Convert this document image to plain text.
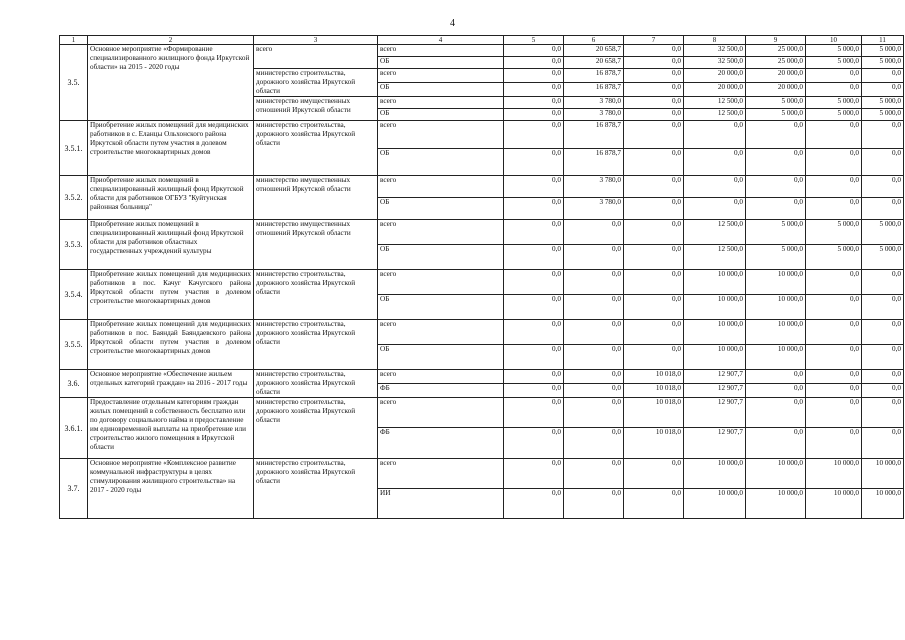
4
1	2	3	4	5	6	7	8	9	10	11
3.5.	Основное мероприятие «Формирование специализированного жилищного фонда Иркутской области» на 2015 - 2020 годы	всего	всего	0,0	20 658,7	0,0	32 500,0	25 000,0	5 000,0	5 000,0
			ОБ	0,0	20 658,7	0,0	32 500,0	25 000,0	5 000,0	5 000,0
		министерство строительства, дорожного хозяйства Иркутской области	всего	0,0	16 878,7	0,0	20 000,0	20 000,0	0,0	0,0
			ОБ	0,0	16 878,7	0,0	20 000,0	20 000,0	0,0	0,0
		министерство имущественных отношений Иркутской области	всего	0,0	3 780,0	0,0	12 500,0	5 000,0	5 000,0	5 000,0
			ОБ	0,0	3 780,0	0,0	12 500,0	5 000,0	5 000,0	5 000,0
3.5.1.	Приобретение жилых помещений для медицинских работников в с. Еланцы Ольхонского района Иркутской области путем участия в долевом строительстве многоквартирных домов	министерство строительства, дорожного хозяйства Иркутской области	всего	0,0	16 878,7	0,0	0,0	0,0	0,0	0,0
			ОБ	0,0	16 878,7	0,0	0,0	0,0	0,0	0,0
3.5.2.	Приобретение жилых помещений в специализированный жилищный фонд Иркутской области для работников ОГБУЗ "Куйтунская районная больница"	министерство имущественных отношений Иркутской области	всего	0,0	3 780,0	0,0	0,0	0,0	0,0	0,0
			ОБ	0,0	3 780,0	0,0	0,0	0,0	0,0	0,0
3.5.3.	Приобретение жилых помещений в специализированный жилищный фонд Иркутской области для работников областных государственных учреждений культуры	министерство имущественных отношений Иркутской области	всего	0,0	0,0	0,0	12 500,0	5 000,0	5 000,0	5 000,0
			ОБ	0,0	0,0	0,0	12 500,0	5 000,0	5 000,0	5 000,0
3.5.4.	Приобретение жилых помещений для медицинских работников в пос. Качуг Качугского района Иркутской области путем участия в долевом строительстве многоквартирных домов	министерство строительства, дорожного хозяйства Иркутской области	всего	0,0	0,0	0,0	10 000,0	10 000,0	0,0	0,0
			ОБ	0,0	0,0	0,0	10 000,0	10 000,0	0,0	0,0
3.5.5.	Приобретение жилых помещений для медицинских работников в пос. Баяндай Баяндаевского района Иркутской области путем участия в долевом строительстве многоквартирных домов	министерство строительства, дорожного хозяйства Иркутской области	всего	0,0	0,0	0,0	10 000,0	10 000,0	0,0	0,0
			ОБ	0,0	0,0	0,0	10 000,0	10 000,0	0,0	0,0
3.6.	Основное мероприятие «Обеспечение жильем отдельных категорий граждан» на 2016 - 2017 годы	министерство строительства, дорожного хозяйства Иркутской области	всего	0,0	0,0	10 018,0	12 907,7	0,0	0,0	0,0
			ФБ	0,0	0,0	10 018,0	12 907,7	0,0	0,0	0,0
3.6.1.	Предоставление отдельным категориям граждан жилых помещений в собственность бесплатно или по договору социального найма и предоставление им единовременной выплаты на приобретение или строительство жилого помещения в Иркутской области	министерство строительства, дорожного хозяйства Иркутской области	всего	0,0	0,0	10 018,0	12 907,7	0,0	0,0	0,0
			ФБ	0,0	0,0	10 018,0	12 907,7	0,0	0,0	0,0
3.7.	Основное мероприятие «Комплексное развитие коммунальной инфраструктуры в целях стимулирования жилищного строительства» на 2017 - 2020 годы	министерство строительства, дорожного хозяйства Иркутской области	всего	0,0	0,0	0,0	10 000,0	10 000,0	10 000,0	10 000,0
			ИИ	0,0	0,0	0,0	10 000,0	10 000,0	10 000,0	10 000,0
